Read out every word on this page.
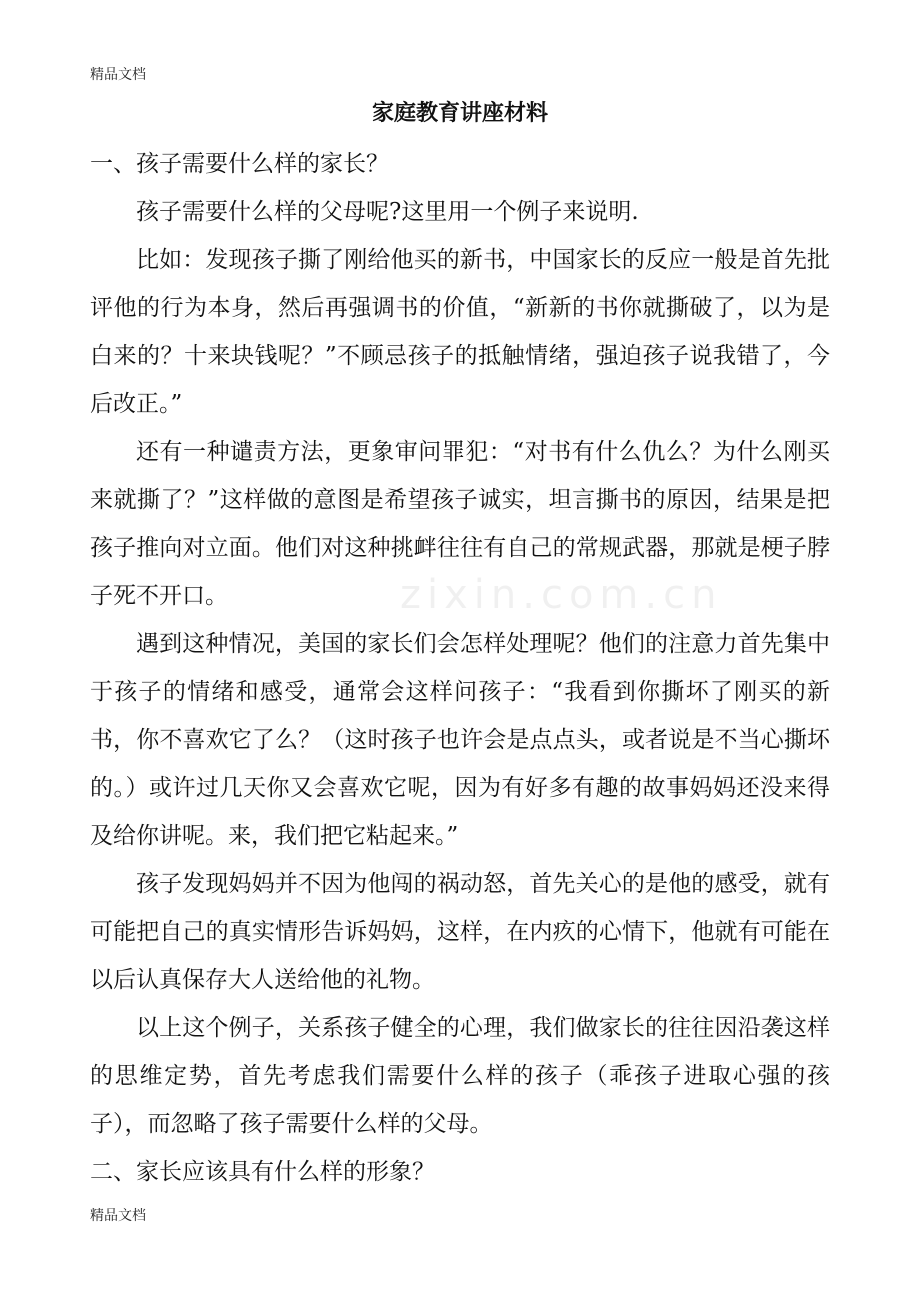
精品文档
家庭教育讲座材料

一、孩子需要什么样的家长？

孩子需要什么样的父母呢?这里用一个例子来说明.

比如：发现孩子撕了刚给他买的新书，中国家长的反应一般是首先批评他的行为本身，然后再强调书的价值，“新新的书你就撕破了，以为是白来的？十来块钱呢？”不顾忌孩子的抵触情绪，强迫孩子说我错了，今后改正。”

还有一种谴责方法，更象审问罪犯：“对书有什么仇么？为什么刚买来就撕了？”这样做的意图是希望孩子诚实，坦言撕书的原因，结果是把孩子推向对立面。他们对这种挑衅往往有自己的常规武器，那就是梗子脖子死不开口。

遇到这种情况，美国的家长们会怎样处理呢？他们的注意力首先集中于孩子的情绪和感受，通常会这样问孩子：“我看到你撕坏了刚买的新书，你不喜欢它了么？（这时孩子也许会是点点头，或者说是不当心撕坏的。）或许过几天你又会喜欢它呢，因为有好多有趣的故事妈妈还没来得及给你讲呢。来，我们把它粘起来。”

孩子发现妈妈并不因为他闯的祸动怒，首先关心的是他的感受，就有可能把自己的真实情形告诉妈妈，这样，在内疚的心情下，他就有可能在以后认真保存大人送给他的礼物。

以上这个例子，关系孩子健全的心理，我们做家长的往往因沿袭这样的思维定势，首先考虑我们需要什么样的孩子（乖孩子进取心强的孩子），而忽略了孩子需要什么样的父母。

二、家长应该具有什么样的形象？

zixin.com.cn
精品文档
